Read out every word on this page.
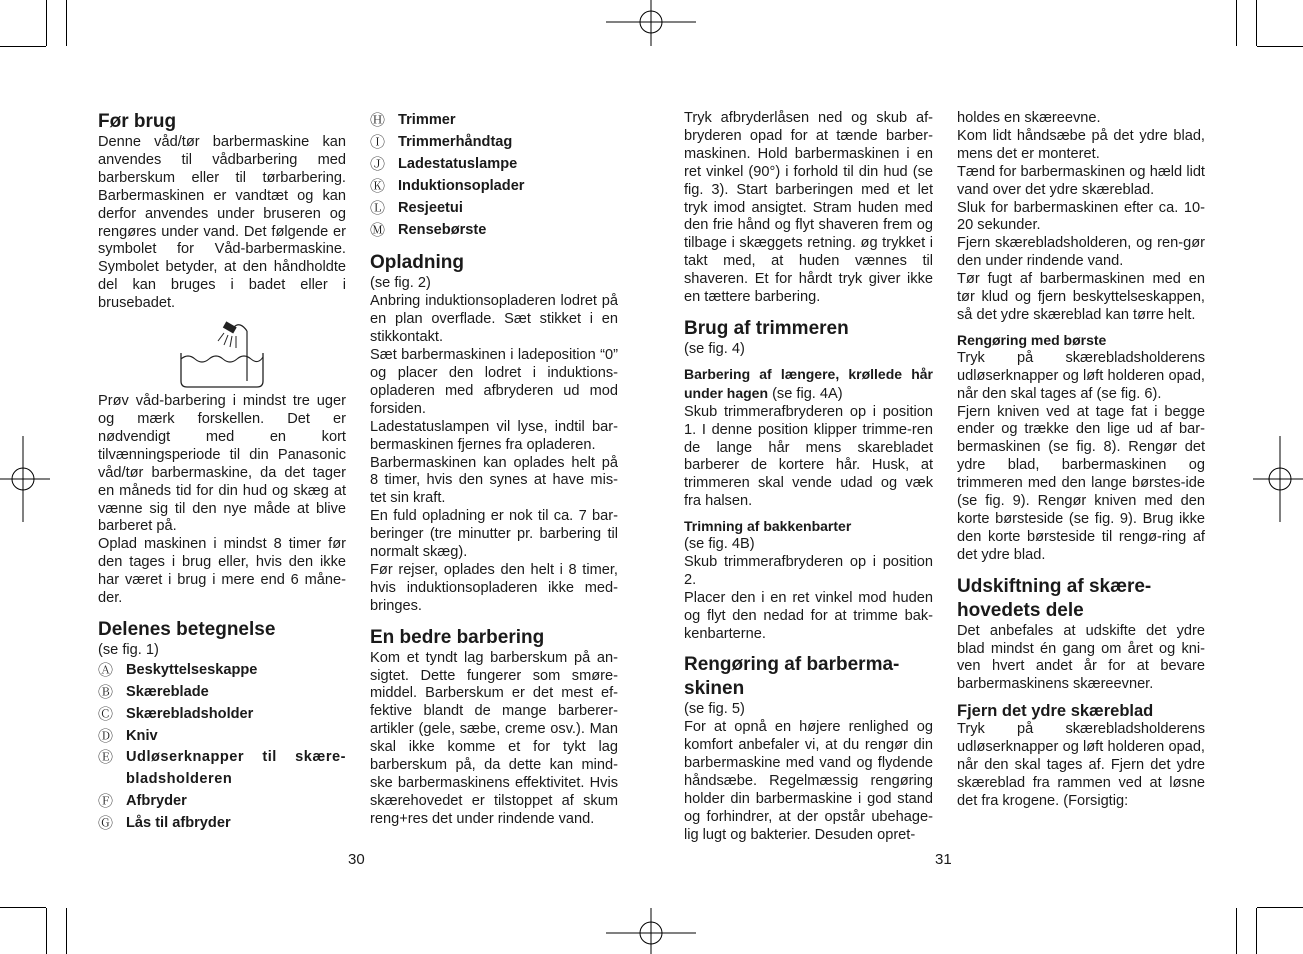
Før brug

Denne våd/tør barbermaskine kan anvendes til vådbarbering med barberskum eller til tørbarbering. Barbermaskinen er vandtæt og kan derfor anvendes under bruseren og rengøres under vand. Det følgende er symbolet for Våd-barbermaskine. Symbolet betyder, at den håndholdte del kan bruges i badet eller i brusebadet.

Prøv våd-barbering i mindst tre uger og mærk forskellen. Det er nødvendigt med en kort tilvænningsperiode til din Panasonic våd/tør barbermaskine, da det tager en måneds tid for din hud og skæg at vænne sig til den nye måde at blive barberet på.

Oplad maskinen i mindst 8 timer før den tages i brug eller, hvis den ikke har været i brug i mere end 6 måne-der.

Delenes betegnelse

(se fig. 1)

Ⓐ Beskyttelseskappe
Ⓑ Skæreblade
Ⓒ Skærebladsholder
Ⓓ Kniv
Ⓔ Udløserknapper til skære-bladsholderen
Ⓕ Afbryder
Ⓖ Lås til afbryder
Ⓗ Trimmer
Ⓘ Trimmerhåndtag
Ⓙ Ladestatuslampe
Ⓚ Induktionsoplader
Ⓛ Resjeetui
Ⓜ Rensebørste
Opladning

(se fig. 2)

Anbring induktionsopladeren lodret på en plan overflade. Sæt stikket i en stikkontakt.

Sæt barbermaskinen i ladeposition “0” og placer den lodret i induktions-opladeren med afbryderen ud mod forsiden.

Ladestatuslampen vil lyse, indtil bar-bermaskinen fjernes fra opladeren.

Barbermaskinen kan oplades helt på 8 timer, hvis den synes at have mis-tet sin kraft.

En fuld opladning er nok til ca. 7 bar-beringer (tre minutter pr. barbering til normalt skæg).

Før rejser, oplades den helt i 8 timer, hvis induktionsopladeren ikke med-bringes.

En bedre barbering

Kom et tyndt lag barberskum på an-sigtet. Dette fungerer som smøre-middel. Barberskum er det mest ef-fektive blandt de mange barberer-artikler (gele, sæbe, creme osv.). Man skal ikke komme et for tykt lag barberskum på, da dette kan mind-ske barbermaskinens effektivitet. Hvis skærehovedet er tilstoppet af skum reng+res det under rindende vand.

Tryk afbryderlåsen ned og skub af-bryderen opad for at tænde barber-maskinen. Hold barbermaskinen i en ret vinkel (90°) i forhold til din hud (se fig. 3). Start barberingen med et let tryk imod ansigtet. Stram huden med den frie hånd og flyt shaveren frem og tilbage i skæggets retning. øg trykket i takt med, at huden vænnes til shaveren. Et for hårdt tryk giver ikke en tættere barbering.

Brug af trimmeren

(se fig. 4)

Barbering af længere, krøllede hår under hagen (se fig. 4A)

Skub trimmerafbryderen op i position 1. I denne position klipper trimme-ren de lange hår mens skarebladet barberer de kortere hår. Husk, at trimmeren skal vende udad og væk fra halsen.

Trimning af bakkenbarter

(se fig. 4B)

Skub trimmerafbryderen op i position 2.

Placer den i en ret vinkel mod huden og flyt den nedad for at trimme bak-kenbarterne.

Rengøring af barberma-skinen

(se fig. 5)

For at opnå en højere renlighed og komfort anbefaler vi, at du rengør din barbermaskine med vand og flydende håndsæbe. Regelmæssig rengøring holder din barbermaskine i god stand og forhindrer, at der opstår ubehage-lig lugt og bakterier. Desuden opret-

holdes en skæreevne.

Kom lidt håndsæbe på det ydre blad, mens det er monteret.

Tænd for barbermaskinen og hæld lidt vand over det ydre skæreblad.

Sluk for barbermaskinen efter ca. 10-20 sekunder.

Fjern skærebladsholderen, og ren-gør den under rindende vand.

Tør fugt af barbermaskinen med en tør klud og fjern beskyttelseskappen, så det ydre skæreblad kan tørre helt.

Rengøring med børste

Tryk på skærebladsholderens udløserknapper og løft holderen opad, når den skal tages af (se fig. 6).

Fjern kniven ved at tage fat i begge ender og trække den lige ud af bar-bermaskinen (se fig. 8). Rengør det ydre blad, barbermaskinen og trimmeren med den lange børstes-ide (se fig. 9). Rengør kniven med den korte børsteside (se fig. 9). Brug ikke den korte børsteside til rengø-ring af det ydre blad.

Udskiftning af skære-hovedets dele

Det anbefales at udskifte det ydre blad mindst én gang om året og kni-ven hvert andet år for at bevare barbermaskinens skæreevner.

Fjern det ydre skæreblad

Tryk på skærebladsholderens udløserknapper og løft holderen opad, når den skal tages af. Fjern det ydre skæreblad fra rammen ved at løsne det fra krogene. (Forsigtig:

30	31
